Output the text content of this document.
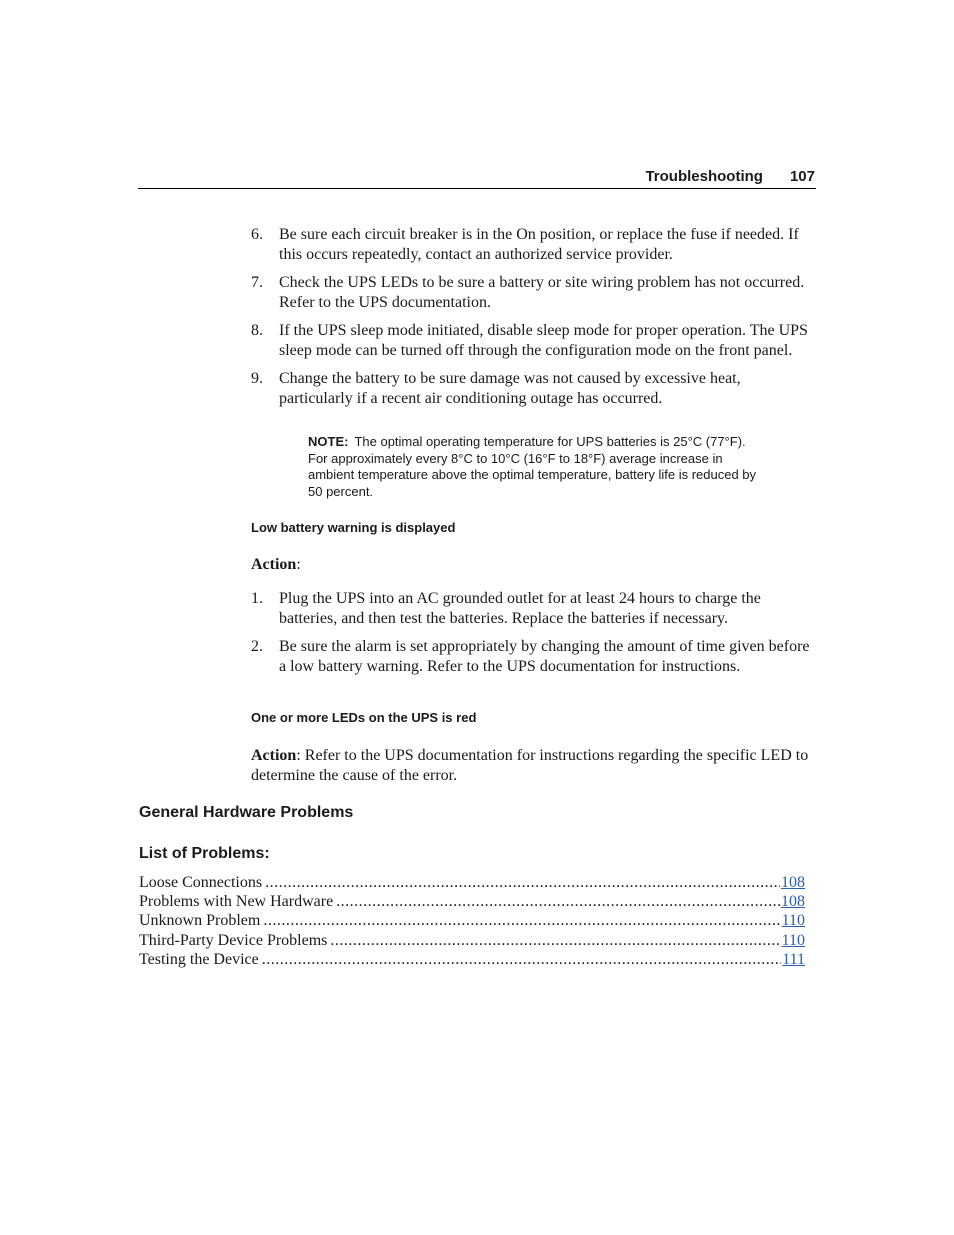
Troubleshooting 107
6. Be sure each circuit breaker is in the On position, or replace the fuse if needed. If this occurs repeatedly, contact an authorized service provider.
7. Check the UPS LEDs to be sure a battery or site wiring problem has not occurred. Refer to the UPS documentation.
8. If the UPS sleep mode initiated, disable sleep mode for proper operation. The UPS sleep mode can be turned off through the configuration mode on the front panel.
9. Change the battery to be sure damage was not caused by excessive heat, particularly if a recent air conditioning outage has occurred.
NOTE: The optimal operating temperature for UPS batteries is 25°C (77°F). For approximately every 8°C to 10°C (16°F to 18°F) average increase in ambient temperature above the optimal temperature, battery life is reduced by 50 percent.
Low battery warning is displayed
Action:
1. Plug the UPS into an AC grounded outlet for at least 24 hours to charge the batteries, and then test the batteries. Replace the batteries if necessary.
2. Be sure the alarm is set appropriately by changing the amount of time given before a low battery warning. Refer to the UPS documentation for instructions.
One or more LEDs on the UPS is red
Action: Refer to the UPS documentation for instructions regarding the specific LED to determine the cause of the error.
General Hardware Problems
List of Problems:
Loose Connections .....	108
Problems with New Hardware .....	108
Unknown Problem .....	110
Third-Party Device Problems .....	110
Testing the Device .....	111
